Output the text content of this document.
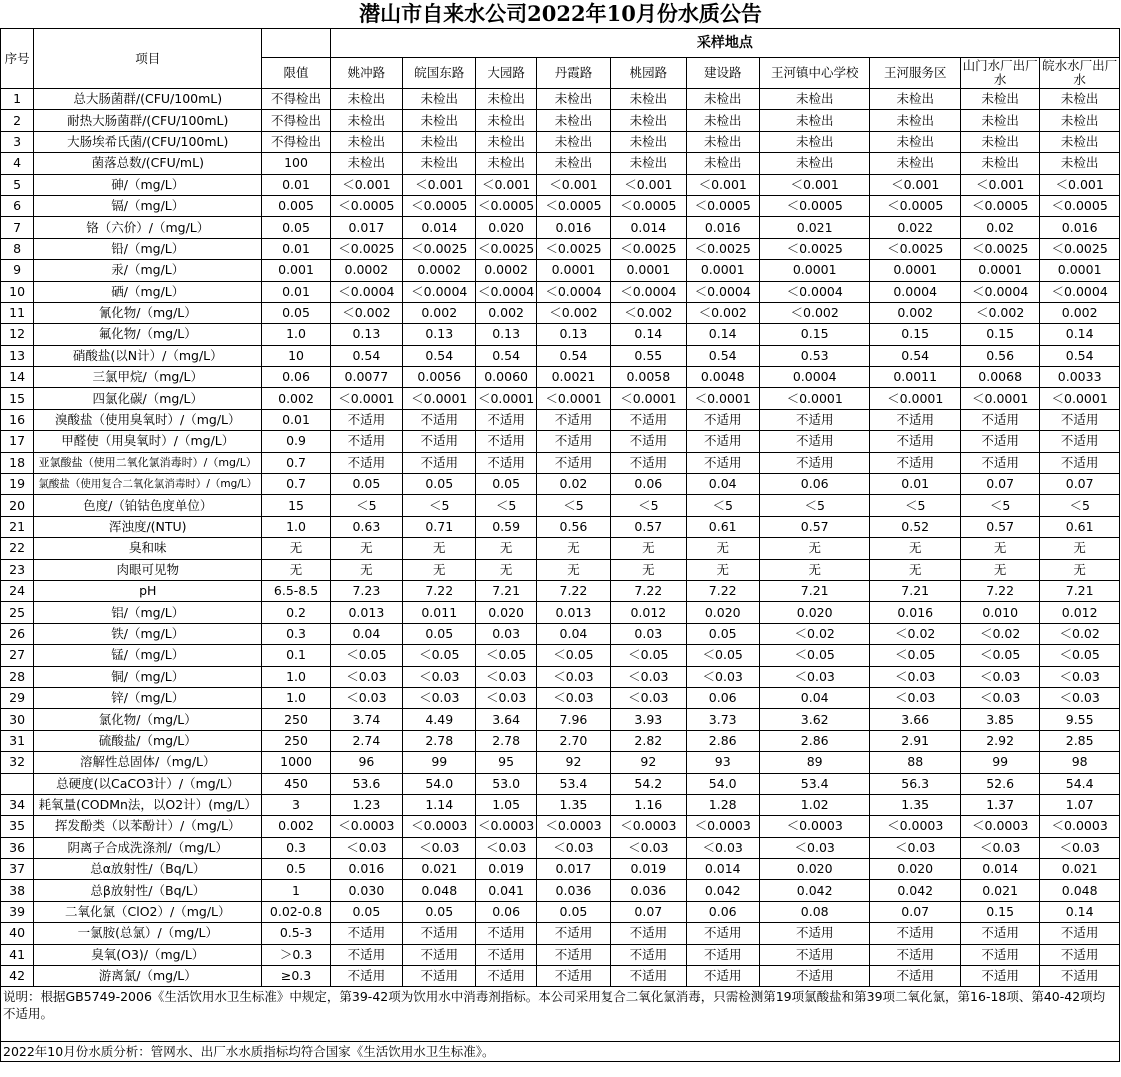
潜山市自来水公司2022年10月份水质公告
序号	项目		采样地点									
		限值	姚冲路	皖国东路	大园路	丹霞路	桃园路	建设路	王河镇中心学校	王河服务区	山门水厂出厂水	皖水水厂出厂水
1	总大肠菌群/(CFU/100mL)	不得检出	未检出	未检出	未检出	未检出	未检出	未检出	未检出	未检出	未检出	未检出
2	耐热大肠菌群/(CFU/100mL)	不得检出	未检出	未检出	未检出	未检出	未检出	未检出	未检出	未检出	未检出	未检出
3	大肠埃希氏菌/(CFU/100mL)	不得检出	未检出	未检出	未检出	未检出	未检出	未检出	未检出	未检出	未检出	未检出
4	菌落总数/(CFU/mL)	100	未检出	未检出	未检出	未检出	未检出	未检出	未检出	未检出	未检出	未检出
5	砷/（mg/L）	0.01	＜0.001	＜0.001	＜0.001	＜0.001	＜0.001	＜0.001	＜0.001	＜0.001	＜0.001	＜0.001
6	镉/（mg/L）	0.005	＜0.0005	＜0.0005	＜0.0005	＜0.0005	＜0.0005	＜0.0005	＜0.0005	＜0.0005	＜0.0005	＜0.0005
7	铬（六价）/（mg/L）	0.05	0.017	0.014	0.020	0.016	0.014	0.016	0.021	0.022	0.02	0.016
8	铅/（mg/L）	0.01	＜0.0025	＜0.0025	＜0.0025	＜0.0025	＜0.0025	＜0.0025	＜0.0025	＜0.0025	＜0.0025	＜0.0025
9	汞/（mg/L）	0.001	0.0002	0.0002	0.0002	0.0001	0.0001	0.0001	0.0001	0.0001	0.0001	0.0001
10	硒/（mg/L）	0.01	＜0.0004	＜0.0004	＜0.0004	＜0.0004	＜0.0004	＜0.0004	＜0.0004	0.0004	＜0.0004	＜0.0004
11	氰化物/（mg/L）	0.05	＜0.002	0.002	0.002	＜0.002	＜0.002	＜0.002	＜0.002	0.002	＜0.002	0.002
12	氟化物/（mg/L）	1.0	0.13	0.13	0.13	0.13	0.14	0.14	0.15	0.15	0.15	0.14
13	硝酸盐(以N计）/（mg/L）	10	0.54	0.54	0.54	0.54	0.55	0.54	0.53	0.54	0.56	0.54
14	三氯甲烷/（mg/L）	0.06	0.0077	0.0056	0.0060	0.0021	0.0058	0.0048	0.0004	0.0011	0.0068	0.0033
15	四氯化碳/（mg/L）	0.002	＜0.0001	＜0.0001	＜0.0001	＜0.0001	＜0.0001	＜0.0001	＜0.0001	＜0.0001	＜0.0001	＜0.0001
16	溴酸盐（使用臭氧时）/（mg/L）	0.01	不适用	不适用	不适用	不适用	不适用	不适用	不适用	不适用	不适用	不适用
17	甲醛使（用臭氧时）/（mg/L）	0.9	不适用	不适用	不适用	不适用	不适用	不适用	不适用	不适用	不适用	不适用
18	亚氯酸盐（使用二氧化氯消毒时）/（mg/L）	0.7	不适用	不适用	不适用	不适用	不适用	不适用	不适用	不适用	不适用	不适用
19	氯酸盐（使用复合二氧化氯消毒时）/（mg/L）	0.7	0.05	0.05	0.05	0.02	0.06	0.04	0.06	0.01	0.07	0.07
20	色度/（铂钴色度单位）	15	＜5	＜5	＜5	＜5	＜5	＜5	＜5	＜5	＜5	＜5
21	浑浊度/(NTU)	1.0	0.63	0.71	0.59	0.56	0.57	0.61	0.57	0.52	0.57	0.61
22	臭和味	无	无	无	无	无	无	无	无	无	无	无
23	肉眼可见物	无	无	无	无	无	无	无	无	无	无	无
24	pH	6.5-8.5	7.23	7.22	7.21	7.22	7.22	7.22	7.21	7.21	7.22	7.21
25	铝/（mg/L）	0.2	0.013	0.011	0.020	0.013	0.012	0.020	0.020	0.016	0.010	0.012
26	铁/（mg/L）	0.3	0.04	0.05	0.03	0.04	0.03	0.05	＜0.02	＜0.02	＜0.02	＜0.02
27	锰/（mg/L）	0.1	＜0.05	＜0.05	＜0.05	＜0.05	＜0.05	＜0.05	＜0.05	＜0.05	＜0.05	＜0.05
28	铜/（mg/L）	1.0	＜0.03	＜0.03	＜0.03	＜0.03	＜0.03	＜0.03	＜0.03	＜0.03	＜0.03	＜0.03
29	锌/（mg/L）	1.0	＜0.03	＜0.03	＜0.03	＜0.03	＜0.03	0.06	0.04	＜0.03	＜0.03	＜0.03
30	氯化物/（mg/L）	250	3.74	4.49	3.64	7.96	3.93	3.73	3.62	3.66	3.85	9.55
31	硫酸盐/（mg/L）	250	2.74	2.78	2.78	2.70	2.82	2.86	2.86	2.91	2.92	2.85
32	溶解性总固体/（mg/L）	1000	96	99	95	92	92	93	89	88	99	98
	总硬度(以CaCO3计）/（mg/L）	450	53.6	54.0	53.0	53.4	54.2	54.0	53.4	56.3	52.6	54.4
34	耗氧量(CODMn法，以O2计）(mg/L）	3	1.23	1.14	1.05	1.35	1.16	1.28	1.02	1.35	1.37	1.07
35	挥发酚类（以苯酚计）/（mg/L）	0.002	＜0.0003	＜0.0003	＜0.0003	＜0.0003	＜0.0003	＜0.0003	＜0.0003	＜0.0003	＜0.0003	＜0.0003
36	阴离子合成洗涤剂/（mg/L）	0.3	＜0.03	＜0.03	＜0.03	＜0.03	＜0.03	＜0.03	＜0.03	＜0.03	＜0.03	＜0.03
37	总α放射性/（Bq/L）	0.5	0.016	0.021	0.019	0.017	0.019	0.014	0.020	0.020	0.014	0.021
38	总β放射性/（Bq/L）	1	0.030	0.048	0.041	0.036	0.036	0.042	0.042	0.042	0.021	0.048
39	二氧化氯（ClO2）/（mg/L）	0.02-0.8	0.05	0.05	0.06	0.05	0.07	0.06	0.08	0.07	0.15	0.14
40	一氯胺(总氯）/（mg/L）	0.5-3	不适用	不适用	不适用	不适用	不适用	不适用	不适用	不适用	不适用	不适用
41	臭氧(O3)/（mg/L）	＞0.3	不适用	不适用	不适用	不适用	不适用	不适用	不适用	不适用	不适用	不适用
42	游离氯/（mg/L）	≥0.3	不适用	不适用	不适用	不适用	不适用	不适用	不适用	不适用	不适用	不适用
说明：根据GB5749-2006《生活饮用水卫生标准》中规定，第39-42项为饮用水中消毒剂指标。本公司采用复合二氧化氯消毒，只需检测第19项氯酸盐和第39项二氧化氯，第16-18项、第40-42项均不适用。												
2022年10月份水质分析：管网水、出厂水水质指标均符合国家《生活饮用水卫生标准》。												
